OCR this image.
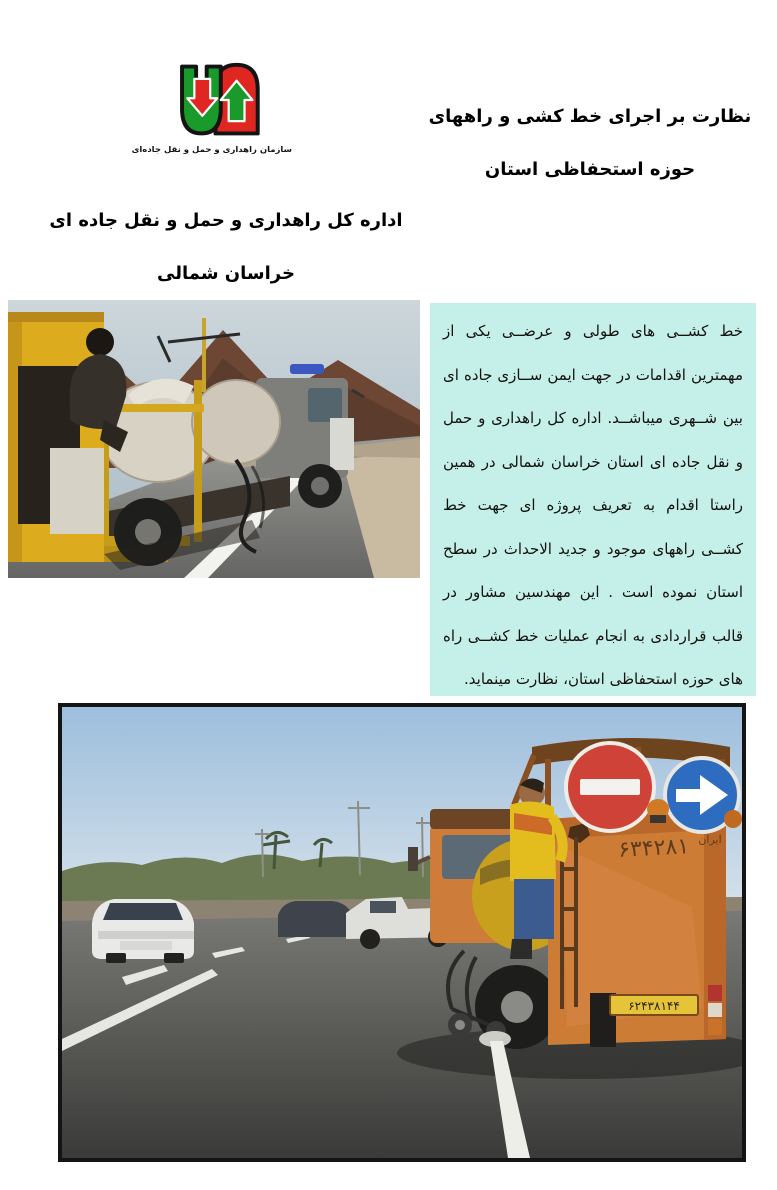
سازمان راهداری و حمل و نقل جاده‌ای
نظارت بر اجرای خط کشی و راههای
حوزه استحفاظی استان
اداره کل راهداری و حمل و نقل جاده ای
خراسان شمالی
خط کشــی های طولی و عرضــی یکی از مهمترین اقدامات در جهت ایمن ســازی جاده ای بین شــهری میباشــد. اداره کل راهداری و حمل و نقل جاده ای استان خراسان شمالی در همین راستا اقدام به تعریف پروژه ای جهت خط کشــی راههای موجود و جدید الاحداث در سطح استان نموده است . این مهندسین مشاور در قالب قراردادی به انجام عملیات خط کشــی راه های حوزه استحفاظی استان، نظارت مینماید.
۶۳۴۲۸۱ ایران
۶۲۴۳۸۱۴۴
